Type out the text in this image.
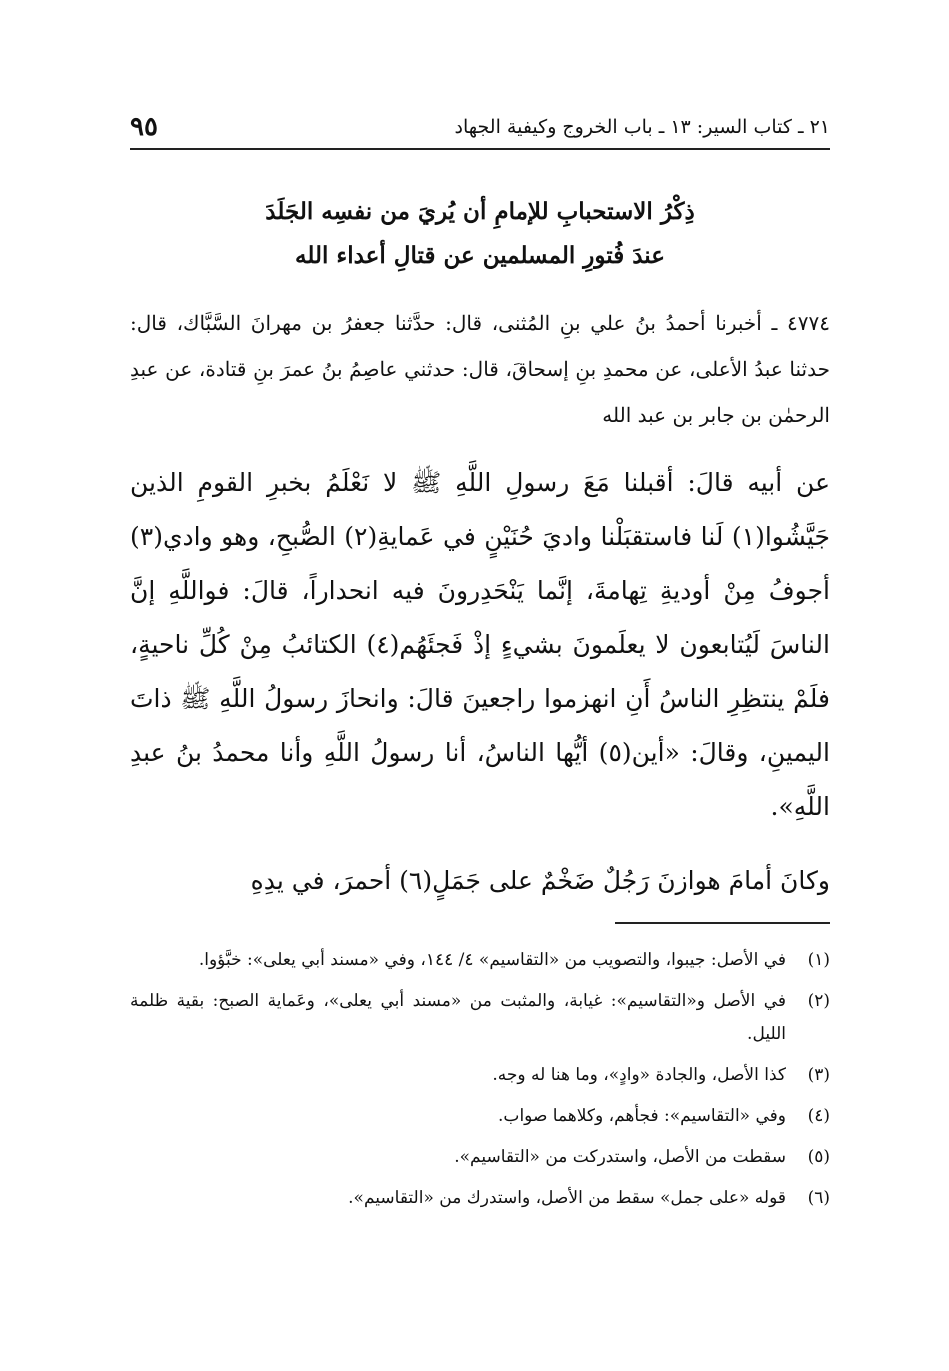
٢١ ـ كتاب السير: ١٣ ـ باب الخروج وكيفية الجهاد
٩٥
ذِكْرُ الاستحبابِ للإمامِ أن يُريَ من نفسِه الجَلَدَ
عندَ فُتورِ المسلمين عن قتالِ أعداء الله
٤٧٧٤ ـ أخبرنا أحمدُ بنُ علي بنِ المُثنى، قال: حدَّثنا جعفرُ بن مهرانَ السَّبَّاك، قال: حدثنا عبدُ الأعلى، عن محمدِ بنِ إسحاقَ، قال: حدثني عاصِمُ بنُ عمرَ بنِ قتادة، عن عبدِ الرحمٰن بن جابر بن عبد الله

عن أبيه قالَ: أقبلنا مَعَ رسولِ اللَّهِ ﷺ لا نَعْلَمُ بخبرِ القومِ الذين جَيَّشُوا(١) لَنا فاستقبَلْنا واديَ حُنَيْنٍ في عَمايةِ(٢) الصُّبحِ، وهو وادي(٣) أجوفُ مِنْ أوديةِ تِهامةَ، إنَّما يَنْحَدِرونَ فيه انحداراً، قالَ: فواللَّهِ إنَّ الناسَ لَيُتابعون لا يعلَمونَ بشيءٍ إذْ فَجئَهُم(٤) الكتائبُ مِنْ كُلِّ ناحيةٍ، فلَمْ ينتظِرِ الناسُ أَنِ انهزموا راجعينَ قالَ: وانحازَ رسولُ اللَّهِ ﷺ ذاتَ اليمينِ، وقالَ: «أين(٥) أيُّها الناسُ، أنا رسولُ اللَّهِ وأنا محمدُ بنُ عبدِ اللَّهِ».

وكانَ أمامَ هوازنَ رَجُلٌ ضَخْمٌ على جَمَلٍ(٦) أحمرَ، في يدِهِ

(١)
في الأصل: جيبوا، والتصويب من «التقاسيم» ٤/ ١٤٤، وفي «مسند أبي يعلى»: خبَّؤوا.
(٢)
في الأصل و«التقاسيم»: غيابة، والمثبت من «مسند أبي يعلى»، وعَماية الصبح: بقية ظلمة الليل.
(٣)
كذا الأصل، والجادة «وادٍ»، وما هنا له وجه.
(٤)
وفي «التقاسيم»: فجأهم، وكلاهما صواب.
(٥)
سقطت من الأصل، واستدركت من «التقاسيم».
(٦)
قوله «على جمل» سقط من الأصل، واستدرك من «التقاسيم».
